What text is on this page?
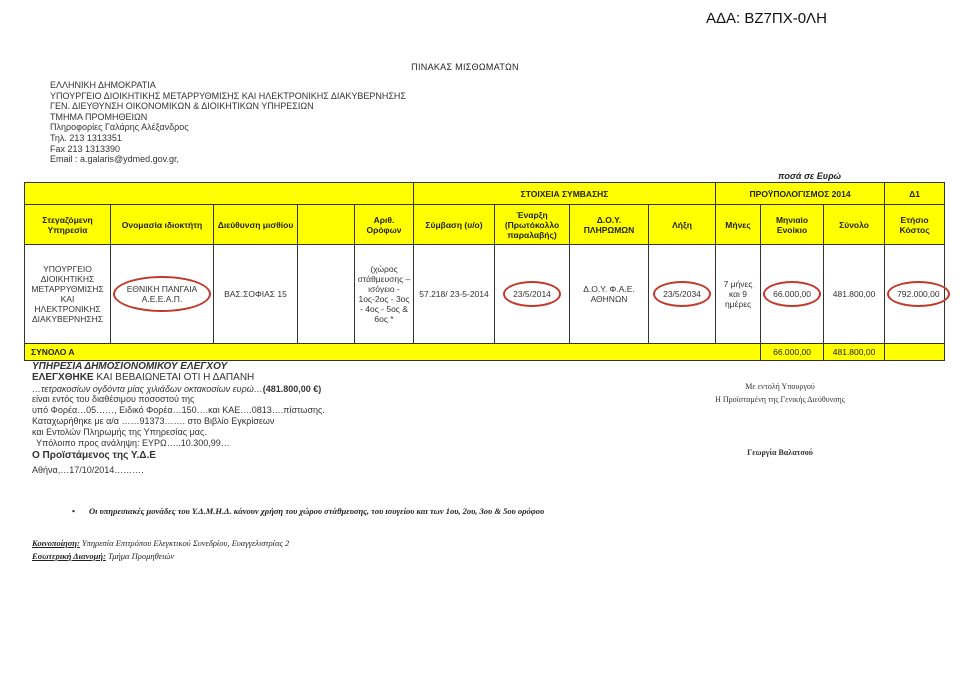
ΑΔΑ: ΒΖ7ΠΧ-0ΛΗ
ΠΙΝΑΚΑΣ ΜΙΣΘΩΜΑΤΩΝ
ΕΛΛΗΝΙΚΗ ΔΗΜΟΚΡΑΤΙΑ
ΥΠΟΥΡΓΕΙΟ ΔΙΟΙΚΗΤΙΚΗΣ ΜΕΤΑΡΡΥΘΜΙΣΗΣ ΚΑΙ ΗΛΕΚΤΡΟΝΙΚΗΣ ΔΙΑΚΥΒΕΡΝΗΣΗΣ
ΓΕΝ. ΔΙΕΥΘΥΝΣΗ ΟΙΚΟΝΟΜΙΚΩΝ & ΔΙΟΙΚΗΤΙΚΩΝ ΥΠΗΡΕΣΙΩΝ
ΤΜΗΜΑ ΠΡΟΜΗΘΕΙΩΝ
Πληροφορίες Γαλάρης Αλέξανδρος
Τηλ. 213 1313351
Fax 213 1313390
Email : a.galaris@ydmed.gov.gr,
ποσά σε Ευρώ
					ΣΤΟΙΧΕΙΑ ΣΥΜΒΑΣΗΣ				ΠΡΟΫΠΟΛΟΓΙΣΜΟΣ 2014			Δ1
Στεγαζόμενη Υπηρεσία	Ονομασία ιδιοκτήτη	Διεύθυνση μισθίου		Αριθ. Ορόφων	Σύμβαση (υ/ο)	Έναρξη (Πρωτόκολλο παραλαβής)	Δ.Ο.Υ. ΠΛΗΡΩΜΩΝ	Λήξη	Μήνες	Μηνιαίο Ενοίκιο	Σύνολο	Ετήσιο Κόστος
ΥΠΟΥΡΓΕΙΟ ΔΙΟΙΚΗΤΙΚΗΣ ΜΕΤΑΡΡΥΘΜΙΣΗΣ ΚΑΙ ΗΛΕΚΤΡΟΝΙΚΗΣ ΔΙΑΚΥΒΕΡΝΗΣΗΣ	ΕΘΝΙΚΗ ΠΑΝΓΑΙΑ Α.Ε.Ε.Α.Π.	ΒΑΣ.ΣΟΦΙΑΣ 15		(χώρος στάθμευσης – ισόγειο - 1ος-2ος - 3ος - 4ος - 5ος & 6ος *	57.218/ 23-5-2014	23/5/2014	Δ.Ο.Υ. Φ.Α.Ε. ΑΘΗΝΩΝ	23/5/2034	7 μήνες και 9 ημέρες	66.000,00	481.800,00	792.000,00
ΣΥΝΟΛΟ Α										66.000,00	481.800,00	
ΥΠΗΡΕΣΙΑ ΔΗΜΟΣΙΟΝΟΜΙΚΟΥ ΕΛΕΓΧΟΥ
ΕΛΕΓΧΘΗΚΕ ΚΑΙ ΒΕΒΑΙΩΝΕΤΑΙ ΟΤΙ Η ΔΑΠΑΝΗ
…τετρακοσίων ογδόντα μίας χιλιάδων οκτακοσίων ευρώ…(481.800,00 €)
είναι εντός του διαθέσιμου ποσοστού της
υπό Φορέα…05……, Ειδικό Φορέα…150….και ΚΑΕ….0813….πίστωσης.
Καταχωρήθηκε με α/α ……91373……. στο Βιβλίο Εγκρίσεων
και Εντολών Πληρωμής της Υπηρεσίας μας.
Υπόλοιπο προς ανάληψη: ΕΥΡΩ…..10.300,99…
Ο Προϊστάμενος της Υ.Δ.Ε
Αθήνα,…17/10/2014……….
Με εντολή Υπουργού
Η Προϊσταμένη της Γενικής Διεύθυνσης
Γεωργία Βαλατσού
• Οι υπηρεσιακές μονάδες του Υ.Δ.Μ.Η.Δ. κάνουν χρήση του χώρου στάθμευσης, του ισογείου και των 1ου, 2ου, 3ου & 5ου ορόφου
Κοινοποίηση: Υπηρεσία Επιτρόπου Ελεγκτικού Συνεδρίου, Ευαγγελιστρίας 2
Εσωτερική Διανομή: Τμήμα Προμηθειών
